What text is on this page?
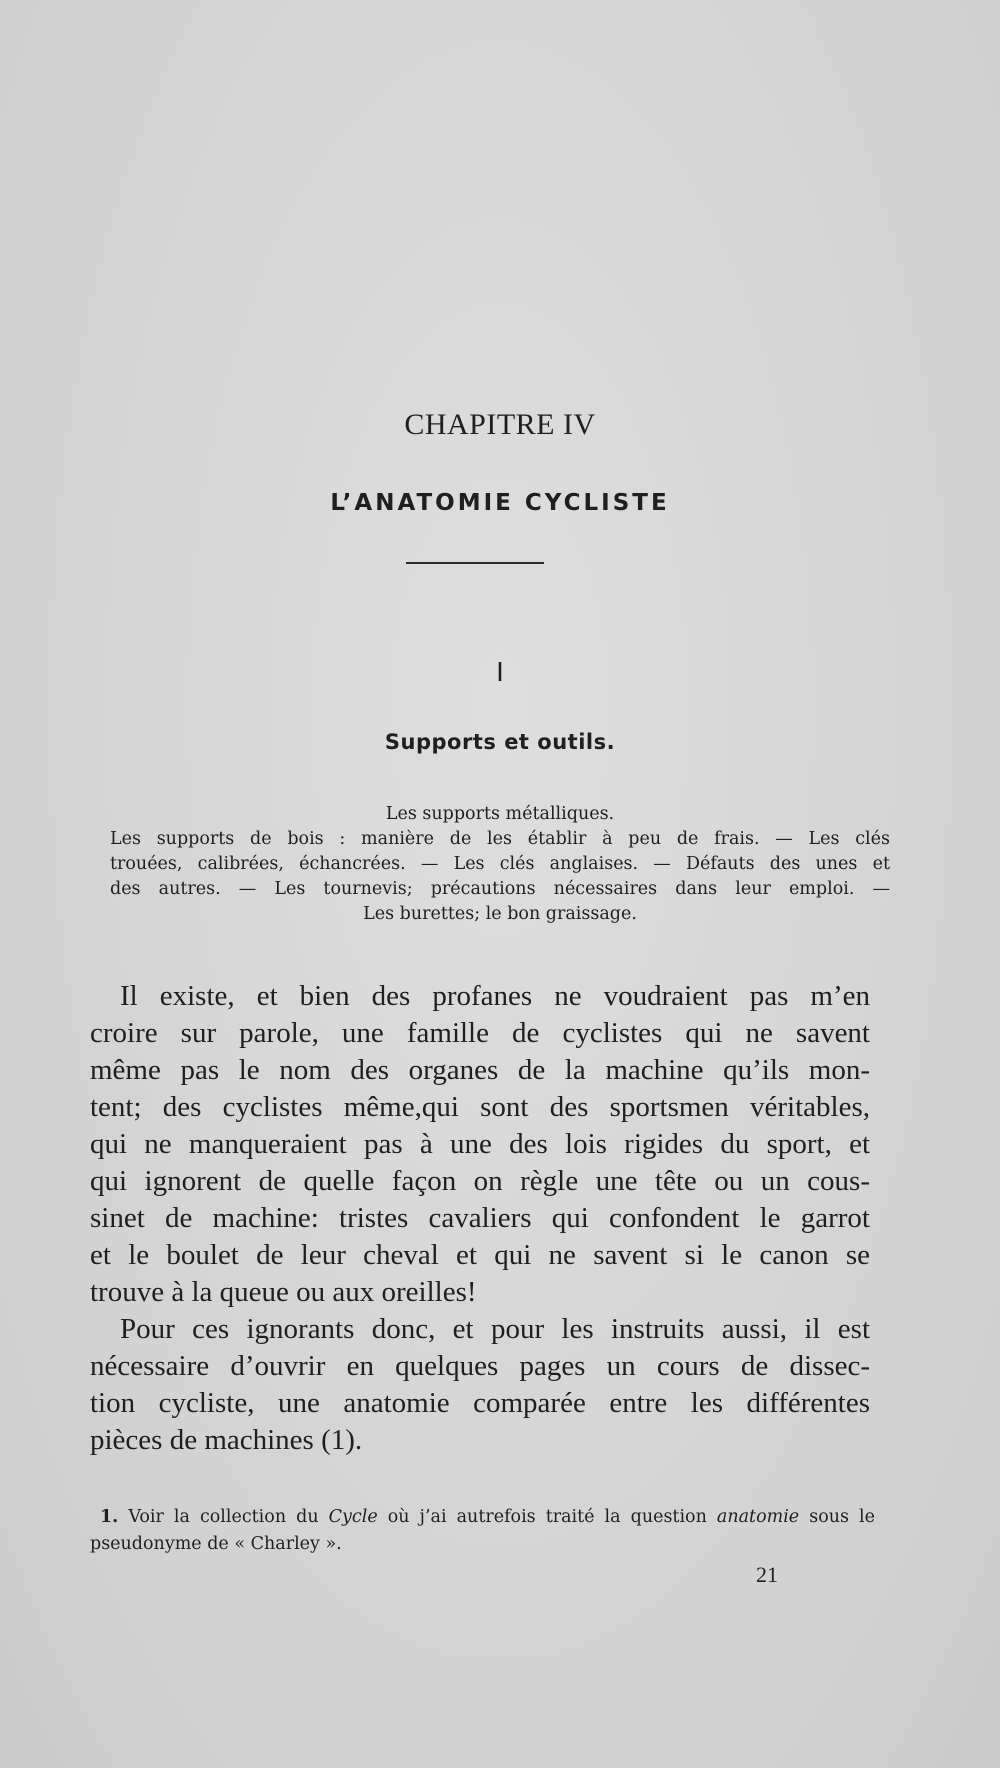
CHAPITRE IV
L’ANATOMIE CYCLISTE
I
Supports et outils.
Les supports métalliques.
Les supports de bois : manière de les établir à peu de frais. — Les clés
trouées, calibrées, échancrées. — Les clés anglaises. — Défauts des unes et
des autres. — Les tournevis; précautions nécessaires dans leur emploi. —
Les burettes; le bon graissage.
Il existe, et bien des profanes ne voudraient pas m’en
croire sur parole, une famille de cyclistes qui ne savent
même pas le nom des organes de la machine qu’ils mon-
tent; des cyclistes même,qui sont des sportsmen véritables,
qui ne manqueraient pas à une des lois rigides du sport, et
qui ignorent de quelle façon on règle une tête ou un cous-
sinet de machine: tristes cavaliers qui confondent le garrot
et le boulet de leur cheval et qui ne savent si le canon se
trouve à la queue ou aux oreilles!
Pour ces ignorants donc, et pour les instruits aussi, il est
nécessaire d’ouvrir en quelques pages un cours de dissec-
tion cycliste, une anatomie comparée entre les différentes
pièces de machines (1).
1. Voir la collection du Cycle où j’ai autrefois traité la question anatomie sous le
pseudonyme de « Charley ».
21
